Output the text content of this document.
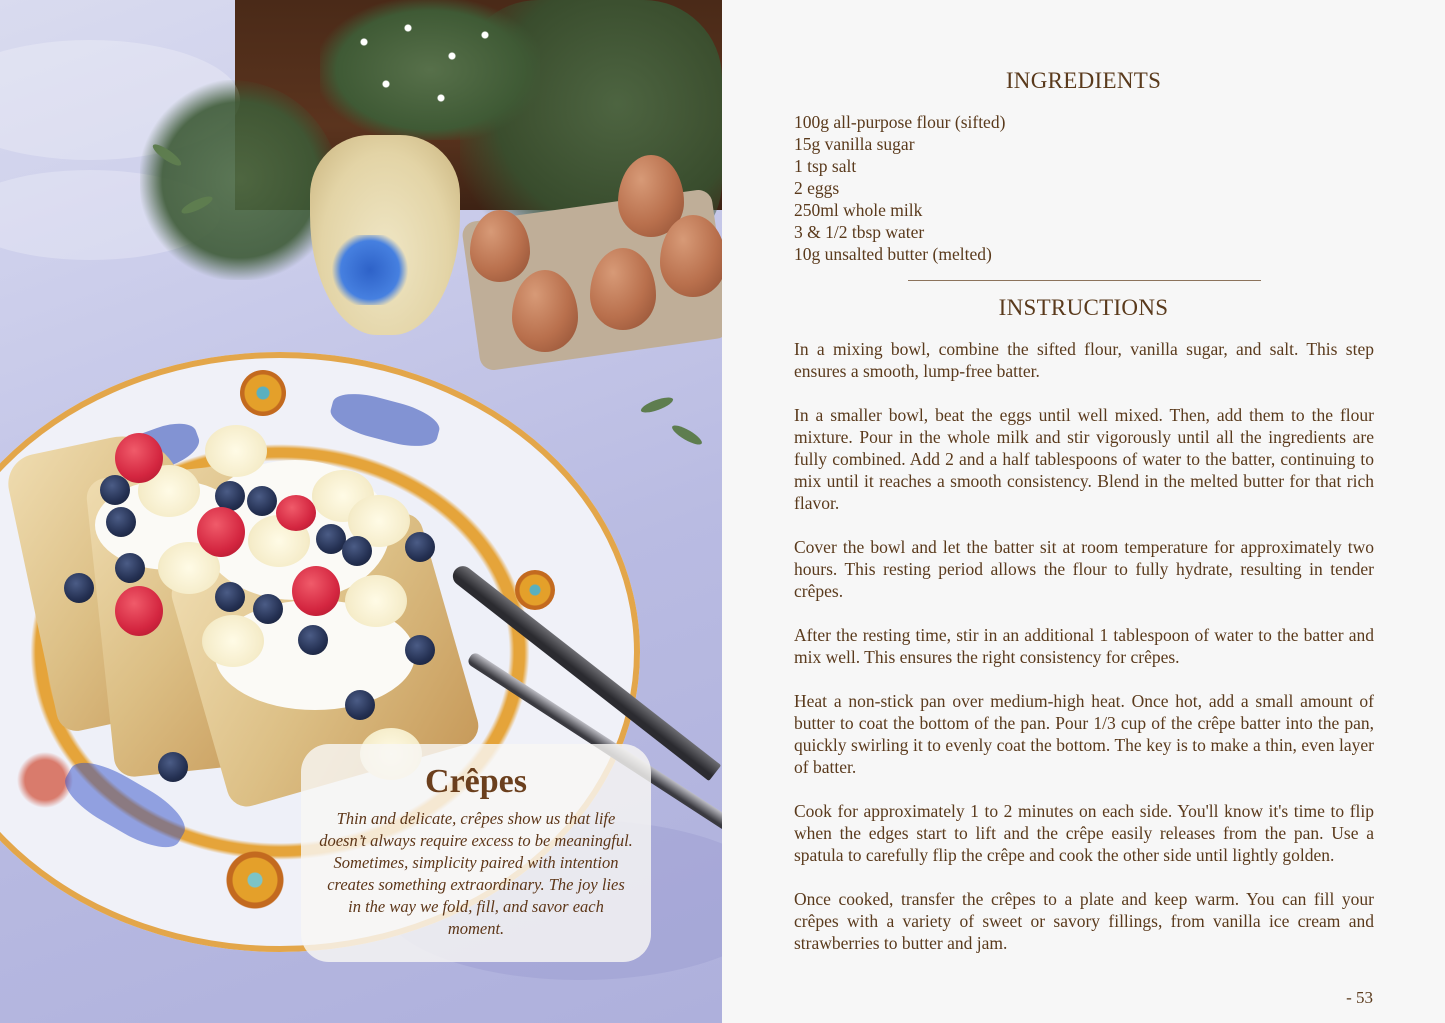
Crêpes

Thin and delicate, crêpes show us that life doesn’t always require excess to be meaningful. Sometimes, simplicity paired with intention creates something extraordinary. The joy lies in the way we fold, fill, and savor each moment.

INGREDIENTS
100g all-purpose flour (sifted)
15g vanilla sugar
1 tsp salt
2 eggs
250ml whole milk
3 & 1/2 tbsp water
10g unsalted butter (melted)
INSTRUCTIONS

In a mixing bowl, combine the sifted flour, vanilla sugar, and salt. This step ensures a smooth, lump-free batter.

In a smaller bowl, beat the eggs until well mixed. Then, add them to the flour mixture. Pour in the whole milk and stir vigorously until all the ingredients are fully combined. Add 2 and a half tablespoons of water to the batter, continuing to mix until it reaches a smooth consistency. Blend in the melted butter for that rich flavor.

Cover the bowl and let the batter sit at room temperature for approximately two hours. This resting period allows the flour to fully hydrate, resulting in tender crêpes.

After the resting time, stir in an additional 1 tablespoon of water to the batter and mix well. This ensures the right consistency for crêpes.

Heat a non-stick pan over medium-high heat. Once hot, add a small amount of butter to coat the bottom of the pan. Pour 1/3 cup of the crêpe batter into the pan, quickly swirling it to evenly coat the bottom. The key is to make a thin, even layer of batter.

Cook for approximately 1 to 2 minutes on each side. You'll know it's time to flip when the edges start to lift and the crêpe easily releases from the pan. Use a spatula to carefully flip the crêpe and cook the other side until lightly golden.

Once cooked, transfer the crêpes to a plate and keep warm. You can fill your crêpes with a variety of sweet or savory fillings, from vanilla ice cream and strawberries to butter and jam.

- 53
